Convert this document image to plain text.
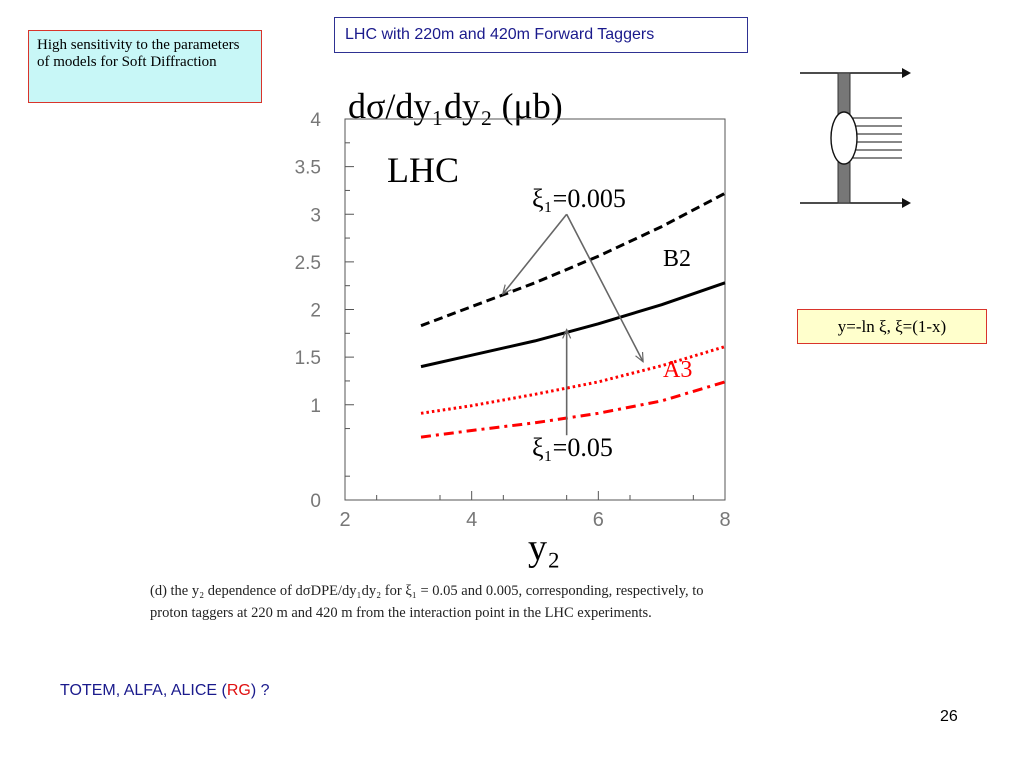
LHC with 220m and 420m Forward Taggers
High sensitivity to the parameters of models for Soft Diffraction
y=-ln ξ, ξ=(1-x)
dσ/dy₁dy₂ (μb)
LHC
2	4	6	8
0
1
1.5
2
2.5
3
3.5
4
ξ₁=0.005
B2
A3
ξ₁=0.05
y₂
(d) the y₂ dependence of dσDPE/dy₁dy₂ for ξ₁ = 0.05 and 0.005, corresponding, respectively, to
proton taggers at 220 m and 420 m from the interaction point in the LHC experiments.
TOTEM, ALFA, ALICE (RG) ?
26
